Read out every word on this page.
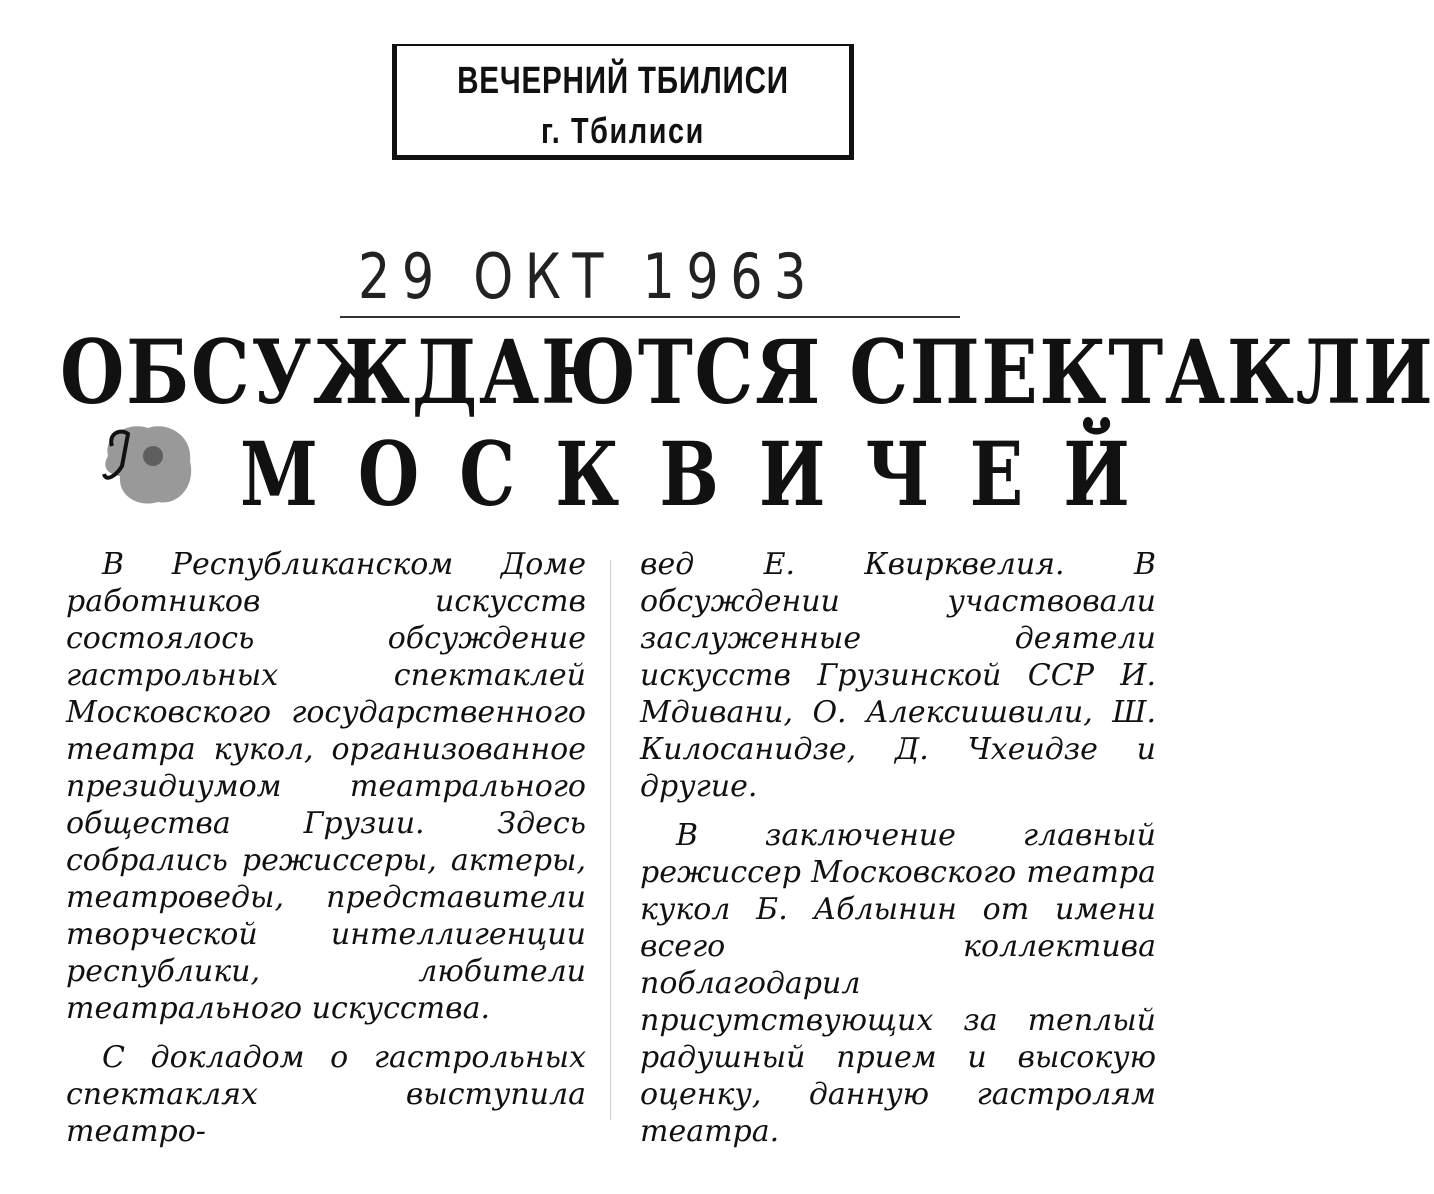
ВЕЧЕРНИЙ ТБИЛИСИ
г. Тбилиси
29 ОКТ 1963
ОБСУЖДАЮТСЯ СПЕКТАКЛИ
МОСКВИЧЕЙ

В Республиканском Доме работников искусств состоялось обсуждение гастрольных спектаклей Московского государственного театра кукол, организованное президиумом театрального общества Грузии. Здесь собрались режиссеры, актеры, театроведы, представители творческой интеллигенции республики, любители театрального искусства.

С докладом о гастрольных спектаклях выступила театро-

вед Е. Квирквелия. В обсуждении участвовали заслуженные деятели искусств Грузинской ССР И. Мдивани, О. Алексишвили, Ш. Килосанидзе, Д. Чхеидзе и другие.

В заключение главный режиссер Московского театра кукол Б. Аблынин от имени всего коллектива поблагодарил присутствующих за теплый радушный прием и высокую оценку, данную гастролям театра.
